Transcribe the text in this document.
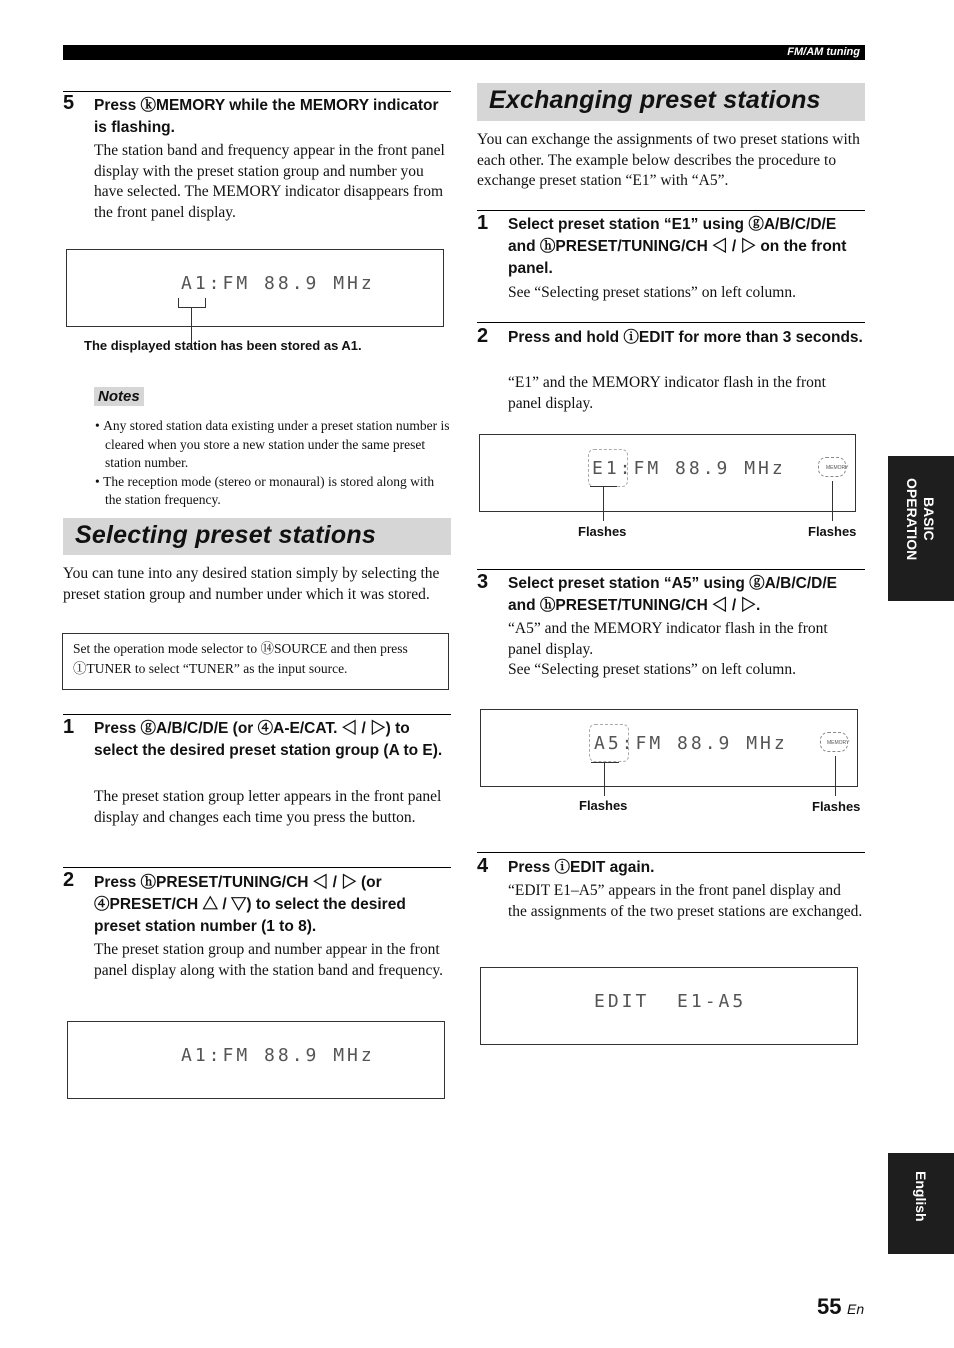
FM/AM tuning
5 Press ⓚMEMORY while the MEMORY indicator is flashing.
The station band and frequency appear in the front panel display with the preset station group and number you have selected. The MEMORY indicator disappears from the front panel display.
A1:FM 88.9 MHz
The displayed station has been stored as A1.
Notes
• Any stored station data existing under a preset station number is cleared when you store a new station under the same preset station number.
• The reception mode (stereo or monaural) is stored along with the station frequency.
Selecting preset stations
You can tune into any desired station simply by selecting the preset station group and number under which it was stored.
Set the operation mode selector to ⑭SOURCE and then press ①TUNER to select “TUNER” as the input source.
1 Press ⓖA/B/C/D/E (or ④A-E/CAT. ◁ / ▷) to select the desired preset station group (A to E).
The preset station group letter appears in the front panel display and changes each time you press the button.
2 Press ⓗPRESET/TUNING/CH ◁ / ▷ (or ④PRESET/CH △ / ▽) to select the desired preset station number (1 to 8).
The preset station group and number appear in the front panel display along with the station band and frequency.
A1:FM 88.9 MHz
Exchanging preset stations
You can exchange the assignments of two preset stations with each other. The example below describes the procedure to exchange preset station “E1” with “A5”.
1 Select preset station “E1” using ⓖA/B/C/D/E and ⓗPRESET/TUNING/CH ◁ / ▷ on the front panel.
See “Selecting preset stations” on left column.
2 Press and hold ⓘEDIT for more than 3 seconds.
“E1” and the MEMORY indicator flash in the front panel display.
E1:FM 88.9 MHz	MEMORY
Flashes	Flashes
3 Select preset station “A5” using ⓖA/B/C/D/E and ⓗPRESET/TUNING/CH ◁ / ▷.
“A5” and the MEMORY indicator flash in the front panel display.
See “Selecting preset stations” on left column.
A5:FM 88.9 MHz	MEMORY
Flashes	Flashes
4 Press ⓘEDIT again.
“EDIT E1–A5” appears in the front panel display and the assignments of the two preset stations are exchanged.
EDIT  E1-A5
BASIC
OPERATION
English
55 En
